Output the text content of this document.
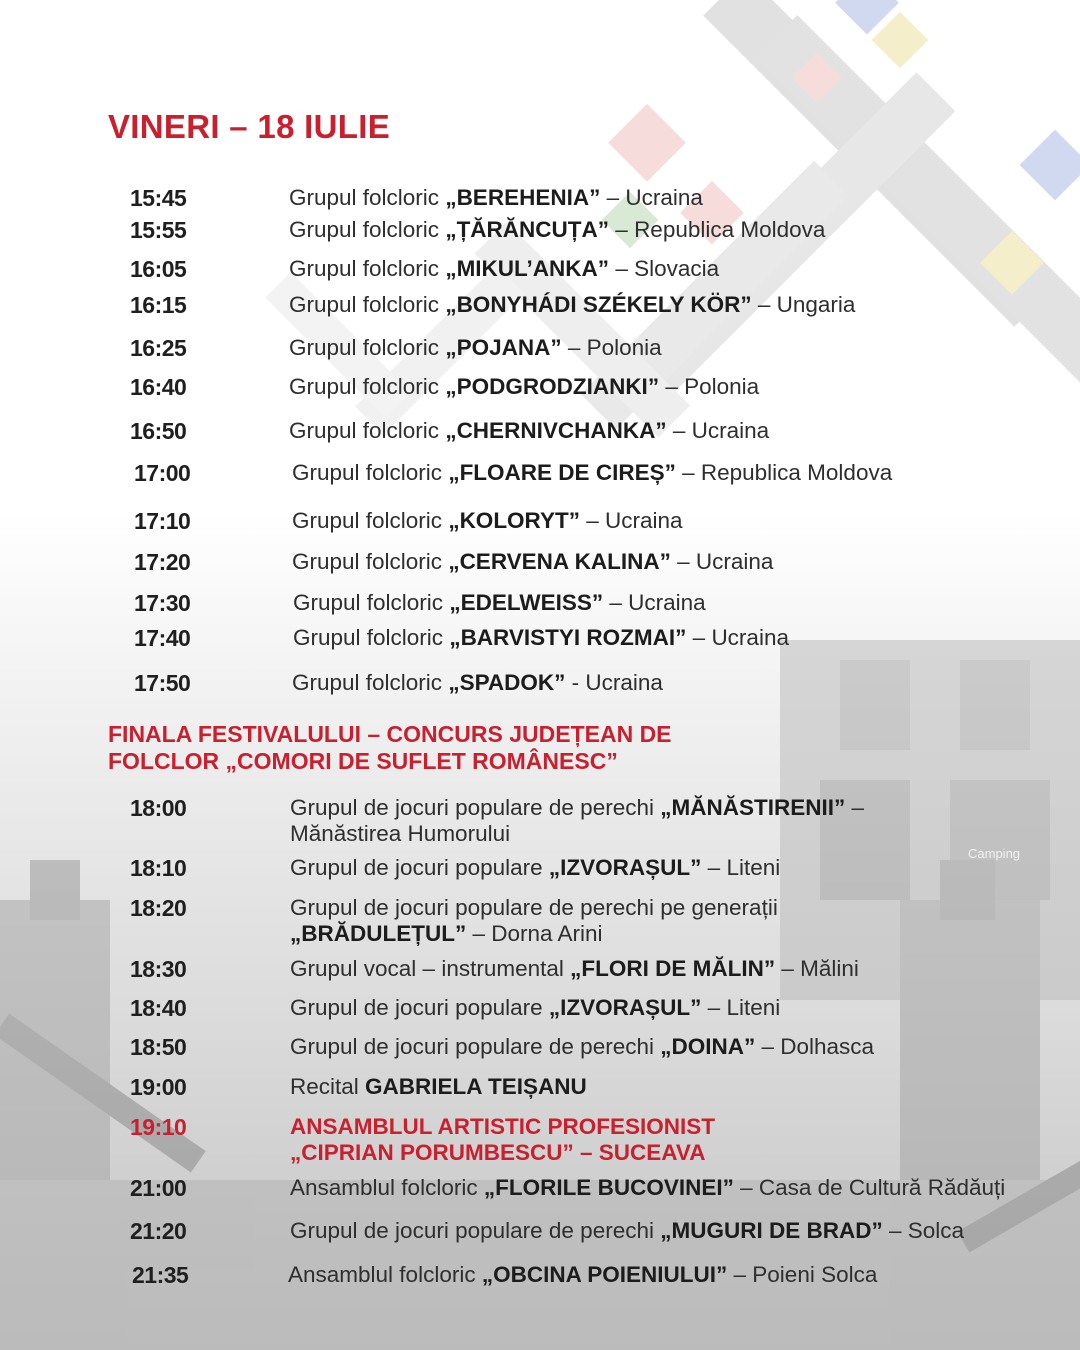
VINERI – 18 IULIE
15:45	Grupul folcloric „BEREHENIA” – Ucraina
15:55	Grupul folcloric „ȚĂRĂNCUȚA” – Republica Moldova
16:05	Grupul folcloric „MIKUL’ANKA” – Slovacia
16:15	Grupul folcloric „BONYHÁDI SZÉKELY KÖR” – Ungaria
16:25	Grupul folcloric „POJANA” – Polonia
16:40	Grupul folcloric „PODGRODZIANKI” – Polonia
16:50	Grupul folcloric „CHERNIVCHANKA” – Ucraina
17:00	Grupul folcloric „FLOARE DE CIREȘ” – Republica Moldova
17:10	Grupul folcloric „KOLORYT” – Ucraina
17:20	Grupul folcloric „CERVENA KALINA” – Ucraina
17:30	Grupul folcloric „EDELWEISS” – Ucraina
17:40	Grupul folcloric „BARVISTYI ROZMAI” – Ucraina
17:50	Grupul folcloric „SPADOK” - Ucraina
FINALA FESTIVALULUI – CONCURS JUDEȚEAN DE
FOLCLOR „COMORI DE SUFLET ROMÂNESC”
Camping
18:00	Grupul de jocuri populare de perechi „MĂNĂSTIRENII” –
Mănăstirea Humorului
18:10	Grupul de jocuri populare „IZVORAȘUL” – Liteni
18:20	Grupul de jocuri populare de perechi pe generații
„BRĂDULEȚUL” – Dorna Arini
18:30	Grupul vocal – instrumental „FLORI DE MĂLIN” – Mălini
18:40	Grupul de jocuri populare „IZVORAȘUL” – Liteni
18:50	Grupul de jocuri populare de perechi „DOINA” – Dolhasca
19:00	Recital GABRIELA TEIȘANU
19:10	ANSAMBLUL ARTISTIC PROFESIONIST
„CIPRIAN PORUMBESCU” – SUCEAVA
21:00	Ansamblul folcloric „FLORILE BUCOVINEI” – Casa de Cultură Rădăuți
21:20	Grupul de jocuri populare de perechi „MUGURI DE BRAD” – Solca
21:35	Ansamblul folcloric „OBCINA POIENIULUI” – Poieni Solca
